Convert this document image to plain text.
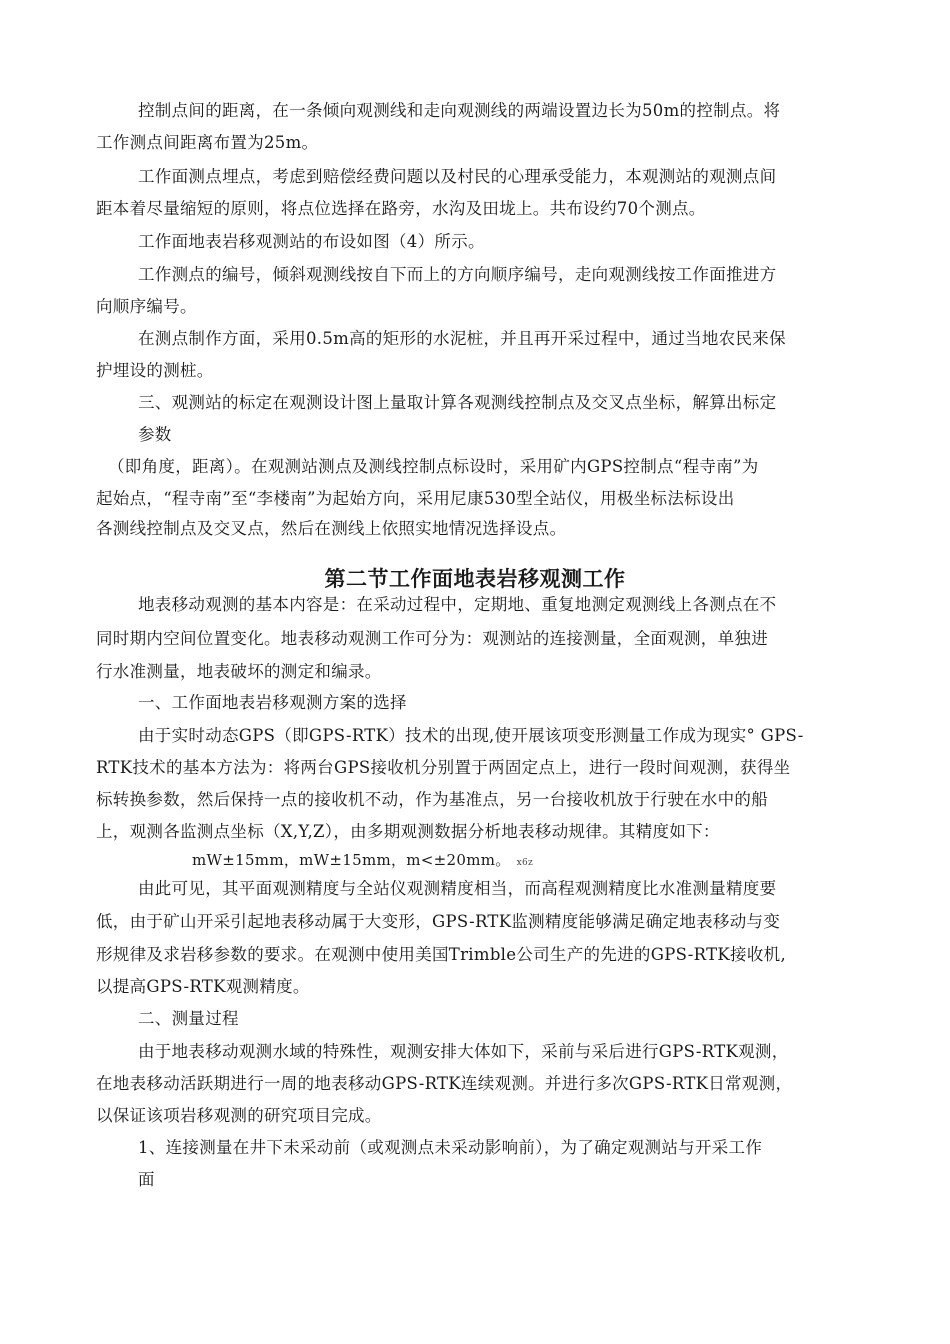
控制点间的距离，在一条倾向观测线和走向观测线的两端设置边长为50m的控制点。将

工作测点间距离布置为25m。

工作面测点埋点，考虑到赔偿经费问题以及村民的心理承受能力，本观测站的观测点间

距本着尽量缩短的原则，将点位选择在路旁，水沟及田垅上。共布设约70个测点。

工作面地表岩移观测站的布设如图（4）所示。

工作测点的编号，倾斜观测线按自下而上的方向顺序编号，走向观测线按工作面推进方

向顺序编号。

在测点制作方面，采用0.5m高的矩形的水泥桩，并且再开采过程中，通过当地农民来保

护埋设的测桩。

三、观测站的标定在观测设计图上量取计算各观测线控制点及交叉点坐标，解算出标定

参数

（即角度，距离）。在观测站测点及测线控制点标设时，采用矿内GPS控制点“程寺南”为

起始点，“程寺南”至“李楼南”为起始方向，采用尼康530型全站仪，用极坐标法标设出

各测线控制点及交叉点，然后在测线上依照实地情况选择设点。

第二节工作面地表岩移观测工作

地表移动观测的基本内容是：在采动过程中，定期地、重复地测定观测线上各测点在不

同时期内空间位置变化。地表移动观测工作可分为：观测站的连接测量，全面观测，单独进

行水准测量，地表破坏的测定和编录。

一、工作面地表岩移观测方案的选择

由于实时动态GPS（即GPS-RTK）技术的出现,使开展该项变形测量工作成为现实° GPS-

RTK技术的基本方法为：将两台GPS接收机分别置于两固定点上，进行一段时间观测，获得坐

标转换参数，然后保持一点的接收机不动，作为基准点，另一台接收机放于行驶在水中的船

上，观测各监测点坐标（X,Y,Z），由多期观测数据分析地表移动规律。其精度如下：

mW±15mm，mW±15mm，m<±20mm。 x6z

由此可见，其平面观测精度与全站仪观测精度相当，而高程观测精度比水准测量精度要

低，由于矿山开采引起地表移动属于大变形，GPS-RTK监测精度能够满足确定地表移动与变

形规律及求岩移参数的要求。在观测中使用美国Trimble公司生产的先进的GPS-RTK接收机,

以提高GPS-RTK观测精度。

二、测量过程

由于地表移动观测水域的特殊性，观测安排大体如下，采前与采后进行GPS-RTK观测，

在地表移动活跃期进行一周的地表移动GPS-RTK连续观测。并进行多次GPS-RTK日常观测，

以保证该项岩移观测的研究项目完成。

1、连接测量在井下未采动前（或观测点未采动影响前），为了确定观测站与开采工作

面
